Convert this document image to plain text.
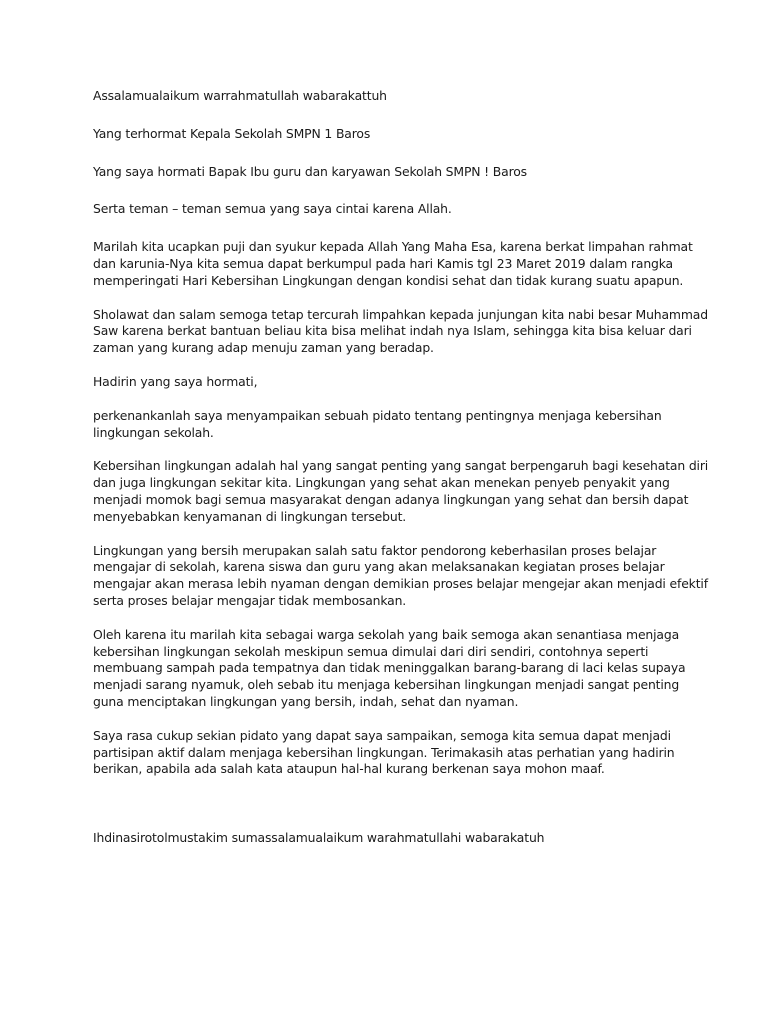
Assalamualaikum warrahmatullah wabarakattuh

Yang terhormat Kepala Sekolah SMPN 1 Baros

Yang saya hormati Bapak Ibu guru dan karyawan Sekolah SMPN ! Baros

Serta teman – teman semua yang saya cintai karena Allah.

Marilah kita ucapkan puji dan syukur kepada Allah Yang Maha Esa, karena berkat limpahan rahmat dan karunia-Nya kita semua dapat berkumpul pada hari Kamis tgl 23 Maret 2019 dalam rangka memperingati Hari Kebersihan Lingkungan dengan kondisi sehat dan tidak kurang suatu apapun.

Sholawat dan salam semoga tetap tercurah limpahkan kepada junjungan kita nabi besar Muhammad Saw karena berkat bantuan beliau kita bisa melihat indah nya Islam, sehingga kita bisa keluar dari zaman yang kurang adap menuju zaman yang beradap.

Hadirin yang saya hormati,

perkenankanlah saya menyampaikan sebuah pidato tentang pentingnya menjaga kebersihan lingkungan sekolah.

Kebersihan lingkungan adalah hal yang sangat penting yang sangat berpengaruh bagi kesehatan diri dan juga lingkungan sekitar kita. Lingkungan yang sehat akan menekan penyeb penyakit yang menjadi momok bagi semua masyarakat dengan adanya lingkungan yang sehat dan bersih dapat menyebabkan kenyamanan di lingkungan tersebut.

Lingkungan yang bersih merupakan salah satu faktor pendorong keberhasilan proses belajar mengajar di sekolah, karena siswa dan guru yang akan melaksanakan kegiatan proses belajar mengajar akan merasa lebih nyaman dengan demikian proses belajar mengejar akan menjadi efektif serta proses belajar mengajar tidak membosankan.

Oleh karena itu marilah kita sebagai warga sekolah yang baik semoga akan senantiasa menjaga kebersihan lingkungan sekolah meskipun semua dimulai dari diri sendiri, contohnya seperti membuang sampah pada tempatnya dan tidak meninggalkan barang-barang di laci kelas supaya menjadi sarang nyamuk, oleh sebab itu menjaga kebersihan lingkungan menjadi sangat penting guna menciptakan lingkungan yang bersih, indah, sehat dan nyaman.

Saya rasa cukup sekian pidato yang dapat saya sampaikan, semoga kita semua dapat menjadi partisipan aktif dalam menjaga kebersihan lingkungan. Terimakasih atas perhatian yang hadirin berikan, apabila ada salah kata ataupun hal-hal kurang berkenan saya mohon maaf.

Ihdinasirotolmustakim sumassalamualaikum warahmatullahi wabarakatuh
